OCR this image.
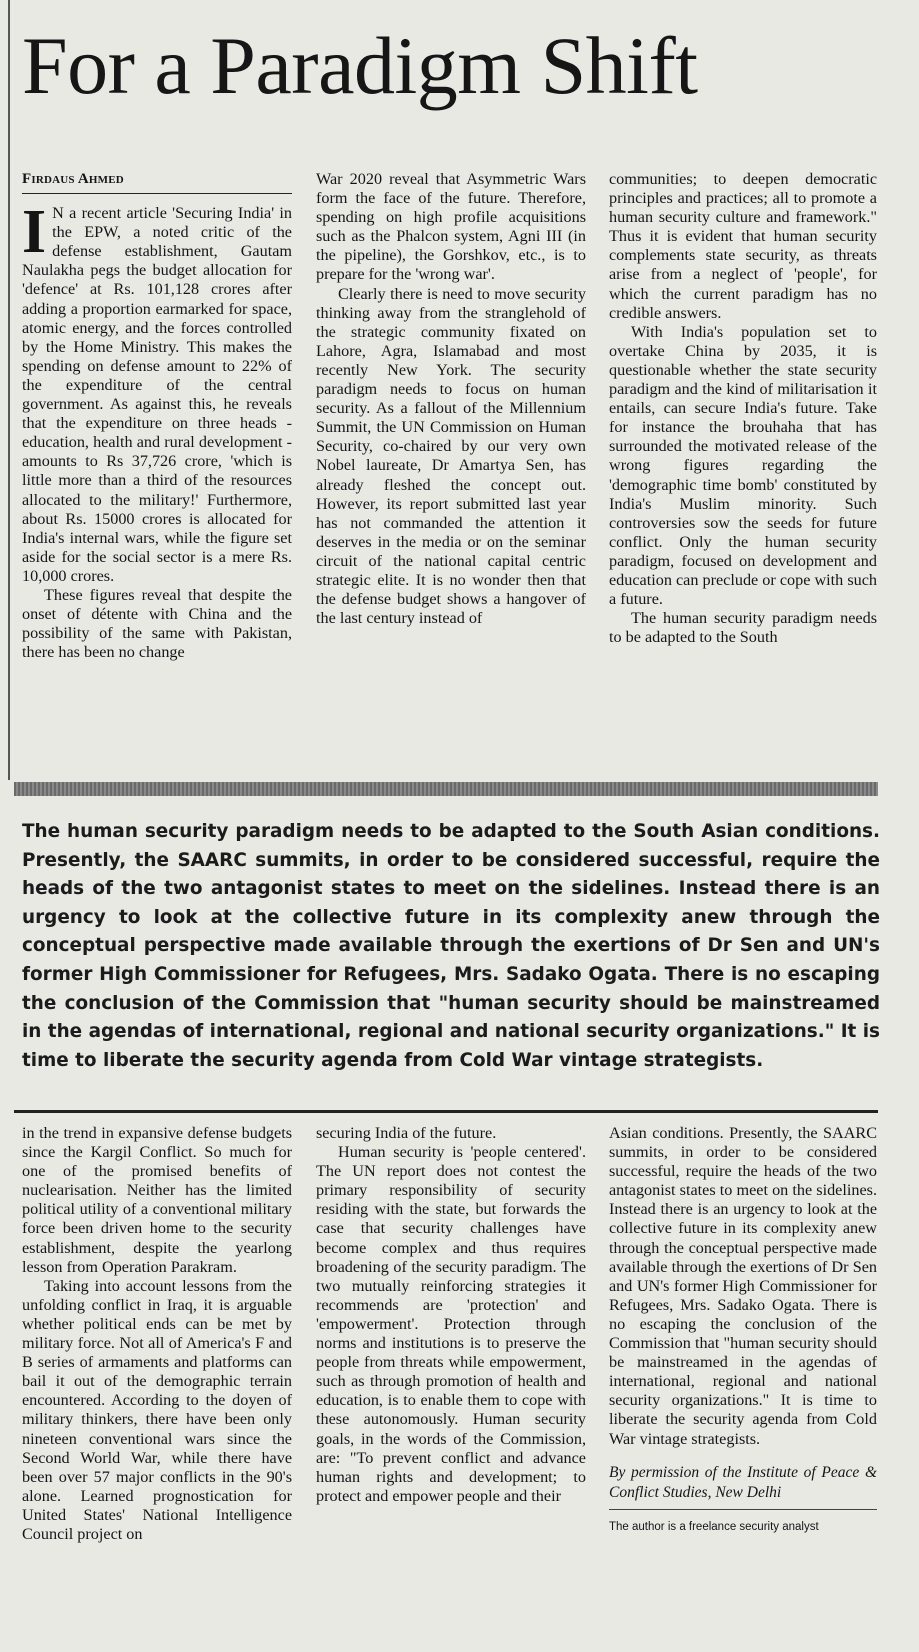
For a Paradigm Shift
Firdaus Ahmed

I N a recent article 'Securing India' in the EPW, a noted critic of the defense establishment, Gautam Naulakha pegs the budget allocation for 'defence' at Rs. 101,128 crores after adding a proportion earmarked for space, atomic energy, and the forces controlled by the Home Ministry. This makes the spending on defense amount to 22% of the expenditure of the central government. As against this, he reveals that the expenditure on three heads - education, health and rural development - amounts to Rs 37,726 crore, 'which is little more than a third of the resources allocated to the military!' Furthermore, about Rs. 15000 crores is allocated for India's internal wars, while the figure set aside for the social sector is a mere Rs. 10,000 crores.

These figures reveal that despite the onset of détente with China and the possibility of the same with Pakistan, there has been no change

War 2020 reveal that Asymmetric Wars form the face of the future. Therefore, spending on high profile acquisitions such as the Phalcon system, Agni III (in the pipeline), the Gorshkov, etc., is to prepare for the 'wrong war'.

Clearly there is need to move security thinking away from the stranglehold of the strategic community fixated on Lahore, Agra, Islamabad and most recently New York. The security paradigm needs to focus on human security. As a fallout of the Millennium Summit, the UN Commission on Human Security, co-chaired by our very own Nobel laureate, Dr Amartya Sen, has already fleshed the concept out. However, its report submitted last year has not commanded the attention it deserves in the media or on the seminar circuit of the national capital centric strategic elite. It is no wonder then that the defense budget shows a hangover of the last century instead of

communities; to deepen democratic principles and practices; all to promote a human security culture and framework." Thus it is evident that human security complements state security, as threats arise from a neglect of 'people', for which the current paradigm has no credible answers.

With India's population set to overtake China by 2035, it is questionable whether the state security paradigm and the kind of militarisation it entails, can secure India's future. Take for instance the brouhaha that has surrounded the motivated release of the wrong figures regarding the 'demographic time bomb' constituted by India's Muslim minority. Such controversies sow the seeds for future conflict. Only the human security paradigm, focused on development and education can preclude or cope with such a future.

The human security paradigm needs to be adapted to the South

The human security paradigm needs to be adapted to the South Asian conditions. Presently, the SAARC summits, in order to be considered successful, require the heads of the two antagonist states to meet on the sidelines. Instead there is an urgency to look at the collective future in its complexity anew through the conceptual perspective made available through the exertions of Dr Sen and UN's former High Commissioner for Refugees, Mrs. Sadako Ogata. There is no escaping the conclusion of the Commission that "human security should be mainstreamed in the agendas of international, regional and national security organizations." It is time to liberate the security agenda from Cold War vintage strategists.

in the trend in expansive defense budgets since the Kargil Conflict. So much for one of the promised benefits of nuclearisation. Neither has the limited political utility of a conventional military force been driven home to the security establishment, despite the yearlong lesson from Operation Parakram.

Taking into account lessons from the unfolding conflict in Iraq, it is arguable whether political ends can be met by military force. Not all of America's F and B series of armaments and platforms can bail it out of the demographic terrain encountered. According to the doyen of military thinkers, there have been only nineteen conventional wars since the Second World War, while there have been over 57 major conflicts in the 90's alone. Learned prognostication for United States' National Intelligence Council project on

securing India of the future.

Human security is 'people centered'. The UN report does not contest the primary responsibility of security residing with the state, but forwards the case that security challenges have become complex and thus requires broadening of the security paradigm. The two mutually reinforcing strategies it recommends are 'protection' and 'empowerment'. Protection through norms and institutions is to preserve the people from threats while empowerment, such as through promotion of health and education, is to enable them to cope with these autonomously. Human security goals, in the words of the Commission, are: "To prevent conflict and advance human rights and development; to protect and empower people and their

Asian conditions. Presently, the SAARC summits, in order to be considered successful, require the heads of the two antagonist states to meet on the sidelines. Instead there is an urgency to look at the collective future in its complexity anew through the conceptual perspective made available through the exertions of Dr Sen and UN's former High Commissioner for Refugees, Mrs. Sadako Ogata. There is no escaping the conclusion of the Commission that "human security should be mainstreamed in the agendas of international, regional and national security organizations." It is time to liberate the security agenda from Cold War vintage strategists.

By permission of the Institute of Peace & Conflict Studies, New Delhi
The author is a freelance security analyst
